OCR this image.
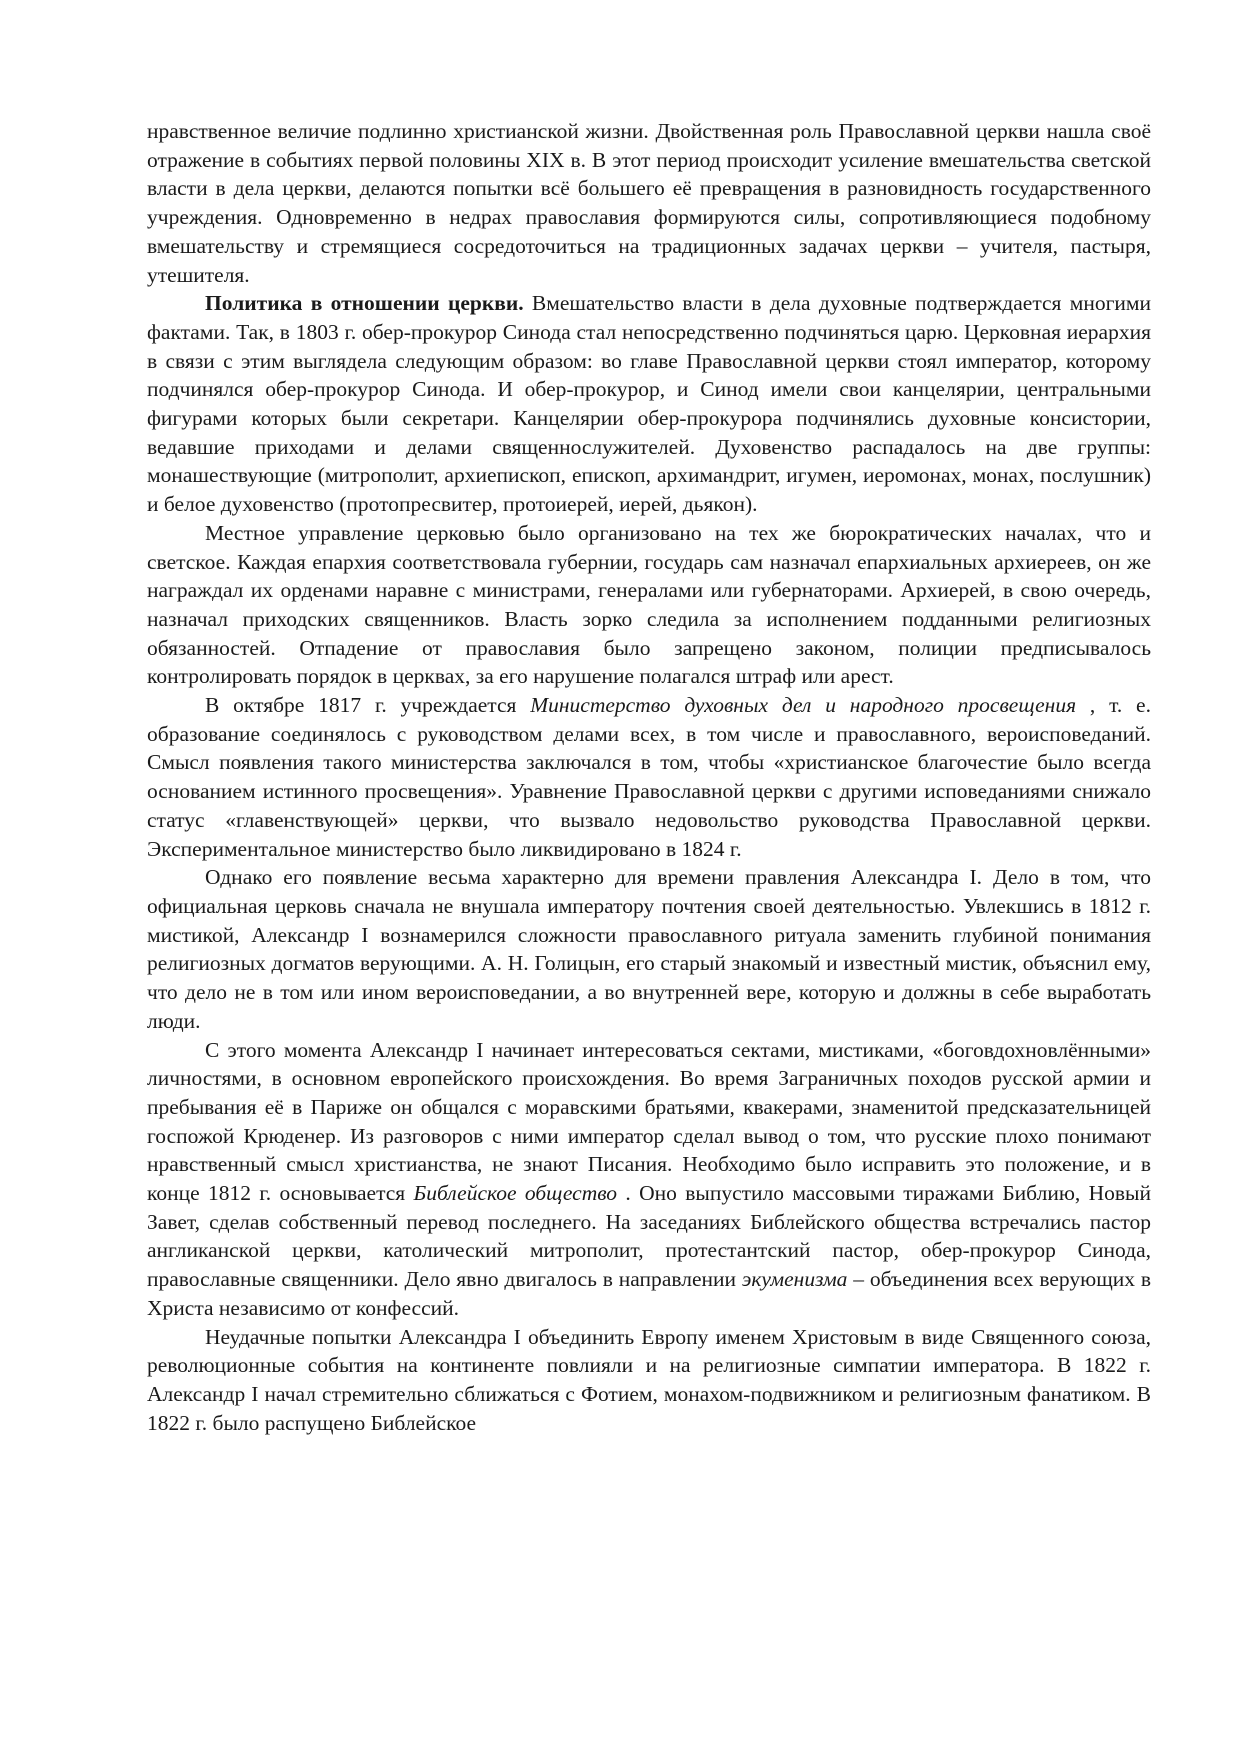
нравственное величие подлинно христианской жизни. Двойственная роль Православной церкви нашла своё отражение в событиях первой половины XIX в. В этот период происходит усиление вмешательства светской власти в дела церкви, делаются попытки всё большего её превращения в разновидность государственного учреждения. Одновременно в недрах православия формируются силы, сопротивляющиеся подобному вмешательству и стремящиеся сосредоточиться на традиционных задачах церкви – учителя, пастыря, утешителя.

Политика в отношении церкви. Вмешательство власти в дела духовные подтверждается многими фактами. Так, в 1803 г. обер-прокурор Синода стал непосредственно подчиняться царю. Церковная иерархия в связи с этим выглядела следующим образом: во главе Православной церкви стоял император, которому подчинялся обер-прокурор Синода. И обер-прокурор, и Синод имели свои канцелярии, центральными фигурами которых были секретари. Канцелярии обер-прокурора подчинялись духовные консистории, ведавшие приходами и делами священнослужителей. Духовенство распадалось на две группы: монашествующие (митрополит, архиепископ, епископ, архимандрит, игумен, иеромонах, монах, послушник) и белое духовенство (протопресвитер, протоиерей, иерей, дьякон).

Местное управление церковью было организовано на тех же бюрократических началах, что и светское. Каждая епархия соответствовала губернии, государь сам назначал епархиальных архиереев, он же награждал их орденами наравне с министрами, генералами или губернаторами. Архиерей, в свою очередь, назначал приходских священников. Власть зорко следила за исполнением подданными религиозных обязанностей. Отпадение от православия было запрещено законом, полиции предписывалось контролировать порядок в церквах, за его нарушение полагался штраф или арест.

В октябре 1817 г. учреждается Министерство духовных дел и народного просвещения , т. е. образование соединялось с руководством делами всех, в том числе и православного, вероисповеданий. Смысл появления такого министерства заключался в том, чтобы «христианское благочестие было всегда основанием истинного просвещения». Уравнение Православной церкви с другими исповеданиями снижало статус «главенствующей» церкви, что вызвало недовольство руководства Православной церкви. Экспериментальное министерство было ликвидировано в 1824 г.

Однако его появление весьма характерно для времени правления Александра I. Дело в том, что официальная церковь сначала не внушала императору почтения своей деятельностью. Увлекшись в 1812 г. мистикой, Александр I вознамерился сложности православного ритуала заменить глубиной понимания религиозных догматов верующими. А. Н. Голицын, его старый знакомый и известный мистик, объяснил ему, что дело не в том или ином вероисповедании, а во внутренней вере, которую и должны в себе выработать люди.

С этого момента Александр I начинает интересоваться сектами, мистиками, «боговдохновлёнными» личностями, в основном европейского происхождения. Во время Заграничных походов русской армии и пребывания её в Париже он общался с моравскими братьями, квакерами, знаменитой предсказательницей госпожой Крюденер. Из разговоров с ними император сделал вывод о том, что русские плохо понимают нравственный смысл христианства, не знают Писания. Необходимо было исправить это положение, и в конце 1812 г. основывается Библейское общество . Оно выпустило массовыми тиражами Библию, Новый Завет, сделав собственный перевод последнего. На заседаниях Библейского общества встречались пастор англиканской церкви, католический митрополит, протестантский пастор, обер-прокурор Синода, православные священники. Дело явно двигалось в направлении экуменизма – объединения всех верующих в Христа независимо от конфессий.

Неудачные попытки Александра I объединить Европу именем Христовым в виде Священного союза, революционные события на континенте повлияли и на религиозные симпатии императора. В 1822 г. Александр I начал стремительно сближаться с Фотием, монахом-подвижником и религиозным фанатиком. В 1822 г. было распущено Библейское
